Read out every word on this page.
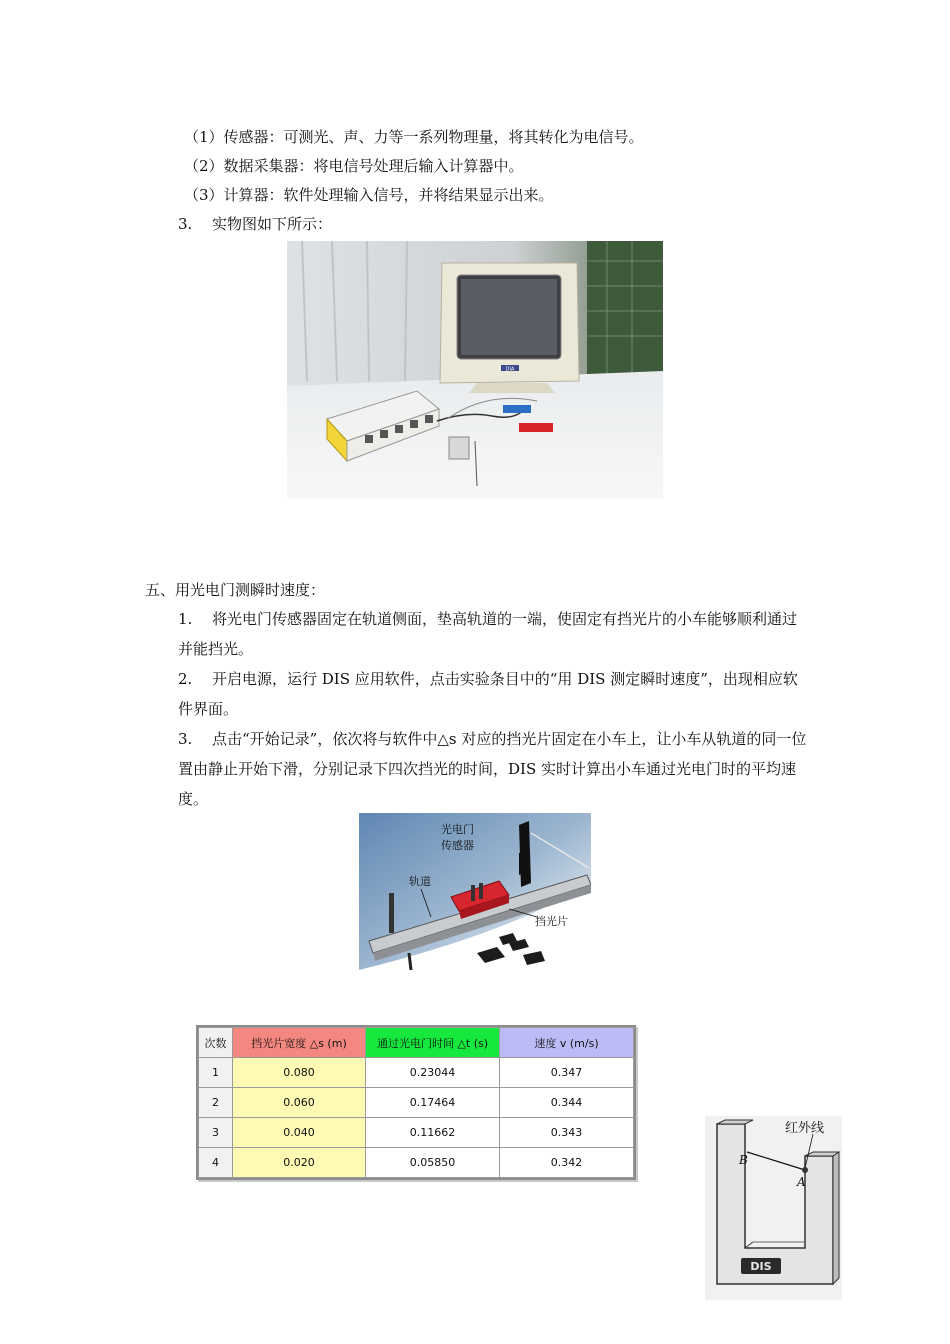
（1）传感器：可测光、声、力等一系列物理量，将其转化为电信号。
（2）数据采集器：将电信号处理后输入计算器中。
（3）计算器：软件处理输入信号，并将结果显示出来。
3. 实物图如下所示：
DIA
五、用光电门测瞬时速度：
1. 将光电门传感器固定在轨道侧面，垫高轨道的一端，使固定有挡光片的小车能够顺利通过并能挡光。
2. 开启电源，运行 DIS 应用软件，点击实验条目中的“用 DIS 测定瞬时速度”，出现相应软件界面。
3. 点击“开始记录”，依次将与软件中△s 对应的挡光片固定在小车上，让小车从轨道的同一位置由静止开始下滑，分别记录下四次挡光的时间，DIS 实时计算出小车通过光电门时的平均速度。
光电门
传感器
轨道
挡光片
次数	挡光片宽度 △s (m)	通过光电门时间 △t (s)	速度 v (m/s)
1	0.080	0.23044	0.347
2	0.060	0.17464	0.344
3	0.040	0.11662	0.343
4	0.020	0.05850	0.342
红外线
A
B
DIS
